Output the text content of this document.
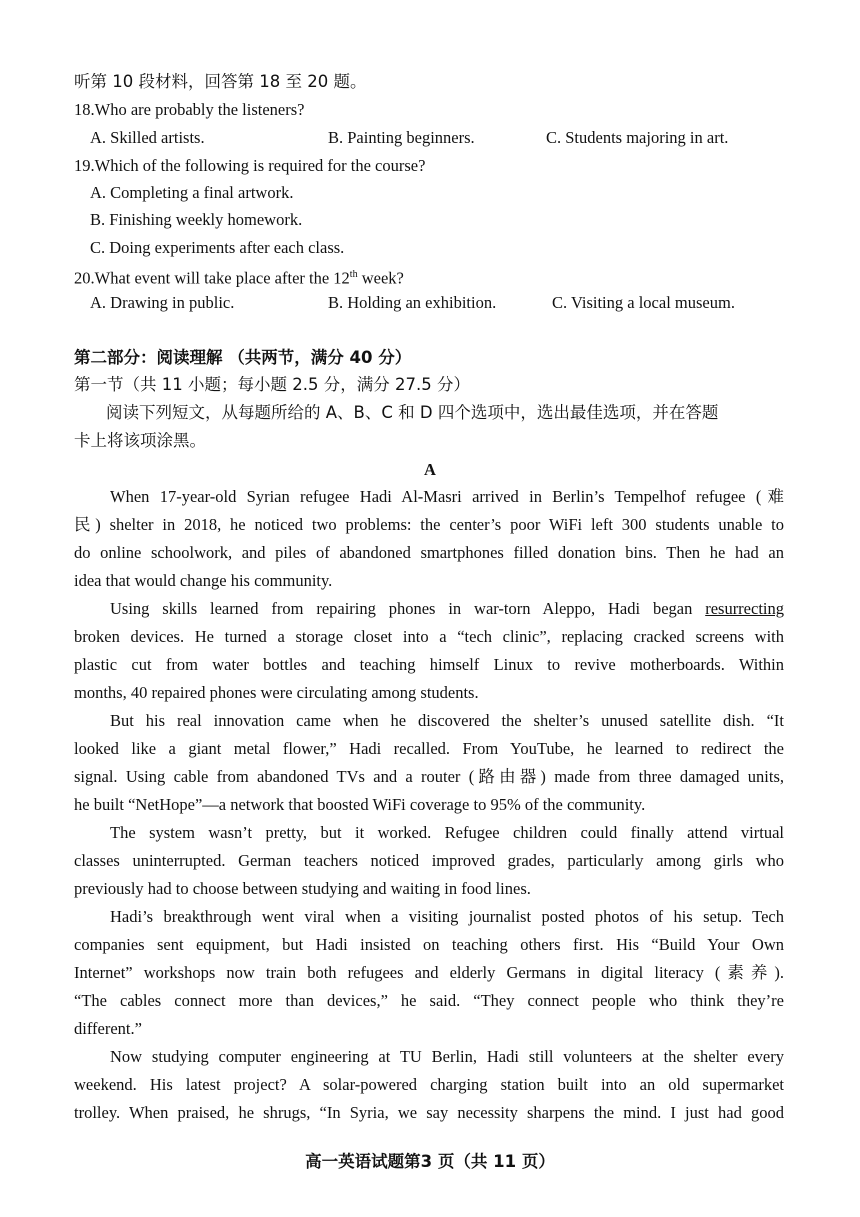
听第 10 段材料，回答第 18 至 20 题。
18.Who are probably the listeners?
A. Skilled artists.	B. Painting beginners.	C. Students majoring in art.
19.Which of the following is required for the course?
A. Completing a final artwork.
B. Finishing weekly homework.
C. Doing experiments after each class.
20.What event will take place after the 12th week?
A. Drawing in public.	B. Holding an exhibition.	C. Visiting a local museum.
第二部分：阅读理解 （共两节，满分 40 分）
第一节（共 11 小题；每小题 2.5 分，满分 27.5 分）
阅读下列短文，从每题所给的 A、B、C 和 D 四个选项中，选出最佳选项，并在答题
卡上将该项涂黑。
A
When 17-year-old Syrian refugee Hadi Al-Masri arrived in Berlin’s Tempelhof refugee (难
民) shelter in 2018, he noticed two problems: the center’s poor WiFi left 300 students unable to
do online schoolwork, and piles of abandoned smartphones filled donation bins. Then he had an
idea that would change his community.
Using skills learned from repairing phones in war-torn Aleppo, Hadi began resurrecting
broken devices. He turned a storage closet into a “tech clinic”, replacing cracked screens with
plastic cut from water bottles and teaching himself Linux to revive motherboards. Within
months, 40 repaired phones were circulating among students.
But his real innovation came when he discovered the shelter’s unused satellite dish. “It
looked like a giant metal flower,” Hadi recalled. From YouTube, he learned to redirect the
signal. Using cable from abandoned TVs and a router (路由器) made from three damaged units,
he built “NetHope”—a network that boosted WiFi coverage to 95% of the community.
The system wasn’t pretty, but it worked. Refugee children could finally attend virtual
classes uninterrupted. German teachers noticed improved grades, particularly among girls who
previously had to choose between studying and waiting in food lines.
Hadi’s breakthrough went viral when a visiting journalist posted photos of his setup. Tech
companies sent equipment, but Hadi insisted on teaching others first. His “Build Your Own
Internet” workshops now train both refugees and elderly Germans in digital literacy (素养).
“The cables connect more than devices,” he said. “They connect people who think they’re
different.”
Now studying computer engineering at TU Berlin, Hadi still volunteers at the shelter every
weekend. His latest project? A solar-powered charging station built into an old supermarket
trolley. When praised, he shrugs, “In Syria, we say necessity sharpens the mind. I just had good
高一英语试题第3 页（共 11 页）
